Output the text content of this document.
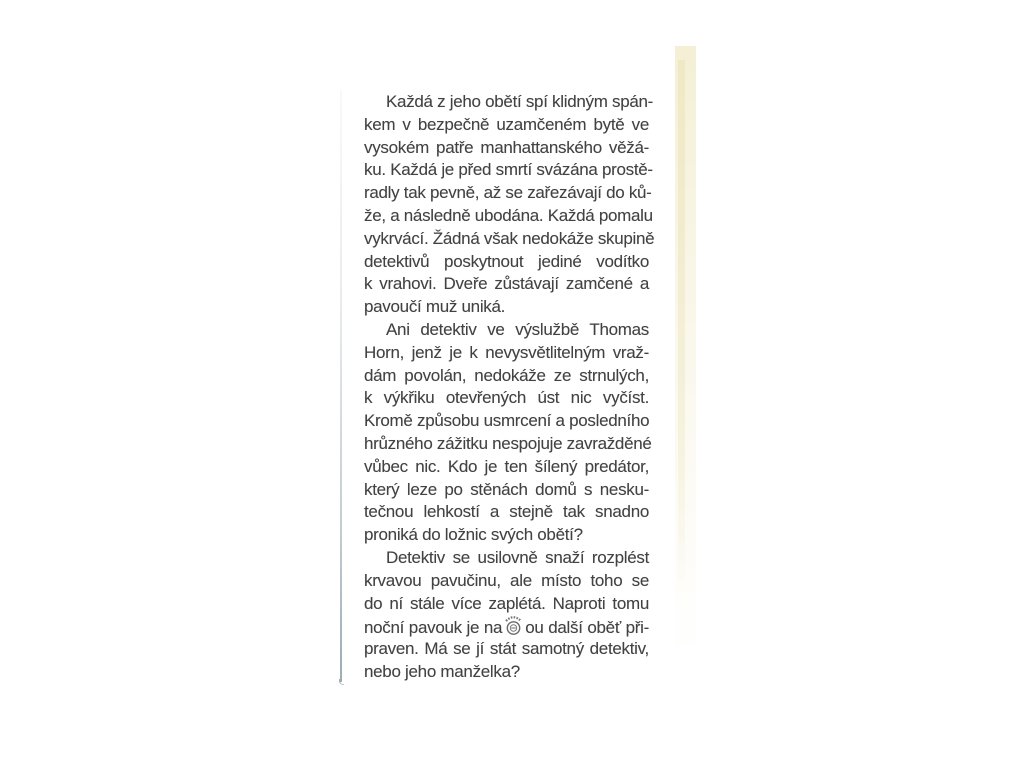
Každá z jeho obětí spí klidným spán-
kem v bezpečně uzamčeném bytě ve
vysokém patře manhattanského věžá-
ku. Každá je před smrtí svázána prostě-
radly tak pevně, až se zařezávají do ků-
že, a následně ubodána. Každá pomalu
vykrvácí. Žádná však nedokáže skupině
detektivů poskytnout jediné vodítko
k vrahovi. Dveře zůstávají zamčené a
pavoučí muž uniká.
Ani detektiv ve výslužbě Thomas
Horn, jenž je k nevysvětlitelným vraž-
dám povolán, nedokáže ze strnulých,
k výkřiku otevřených úst nic vyčíst.
Kromě způsobu usmrcení a posledního
hrůzného zážitku nespojuje zavražděné
vůbec nic. Kdo je ten šílený predátor,
který leze po stěnách domů s nesku-
tečnou lehkostí a stejně tak snadno
proniká do ložnic svých obětí?
Detektiv se usilovně snaží rozplést
krvavou pavučinu, ale místo toho se
do ní stále více zaplétá. Naproti tomu
noční pavouk je na ou další oběť při-
praven. Má se jí stát samotný detektiv,
nebo jeho manželka?
